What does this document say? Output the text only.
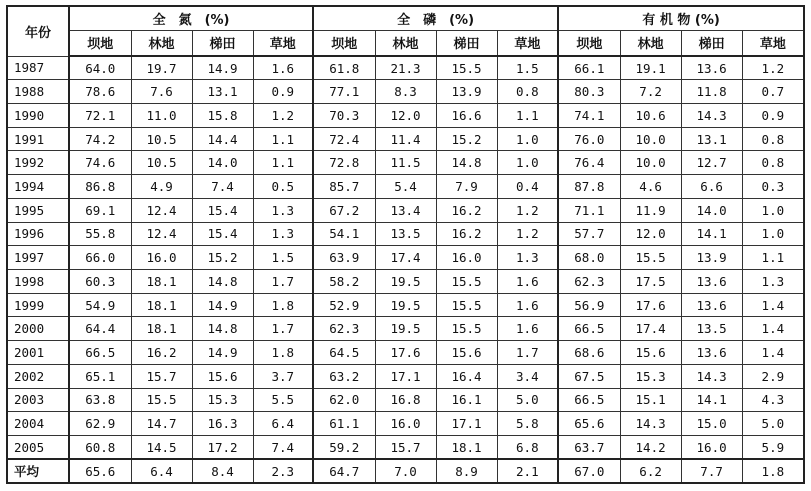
年份	全　氮　(%)				全　磷　(%)				有 机 物 (%)			
	坝地	林地	梯田	草地	坝地	林地	梯田	草地	坝地	林地	梯田	草地
1987	64.0	19.7	14.9	1.6	61.8	21.3	15.5	1.5	66.1	19.1	13.6	1.2
1988	78.6	7.6	13.1	0.9	77.1	8.3	13.9	0.8	80.3	7.2	11.8	0.7
1990	72.1	11.0	15.8	1.2	70.3	12.0	16.6	1.1	74.1	10.6	14.3	0.9
1991	74.2	10.5	14.4	1.1	72.4	11.4	15.2	1.0	76.0	10.0	13.1	0.8
1992	74.6	10.5	14.0	1.1	72.8	11.5	14.8	1.0	76.4	10.0	12.7	0.8
1994	86.8	4.9	7.4	0.5	85.7	5.4	7.9	0.4	87.8	4.6	6.6	0.3
1995	69.1	12.4	15.4	1.3	67.2	13.4	16.2	1.2	71.1	11.9	14.0	1.0
1996	55.8	12.4	15.4	1.3	54.1	13.5	16.2	1.2	57.7	12.0	14.1	1.0
1997	66.0	16.0	15.2	1.5	63.9	17.4	16.0	1.3	68.0	15.5	13.9	1.1
1998	60.3	18.1	14.8	1.7	58.2	19.5	15.5	1.6	62.3	17.5	13.6	1.3
1999	54.9	18.1	14.9	1.8	52.9	19.5	15.5	1.6	56.9	17.6	13.6	1.4
2000	64.4	18.1	14.8	1.7	62.3	19.5	15.5	1.6	66.5	17.4	13.5	1.4
2001	66.5	16.2	14.9	1.8	64.5	17.6	15.6	1.7	68.6	15.6	13.6	1.4
2002	65.1	15.7	15.6	3.7	63.2	17.1	16.4	3.4	67.5	15.3	14.3	2.9
2003	63.8	15.5	15.3	5.5	62.0	16.8	16.1	5.0	66.5	15.1	14.1	4.3
2004	62.9	14.7	16.3	6.4	61.1	16.0	17.1	5.8	65.6	14.3	15.0	5.0
2005	60.8	14.5	17.2	7.4	59.2	15.7	18.1	6.8	63.7	14.2	16.0	5.9
平均	65.6	6.4	8.4	2.3	64.7	7.0	8.9	2.1	67.0	6.2	7.7	1.8
